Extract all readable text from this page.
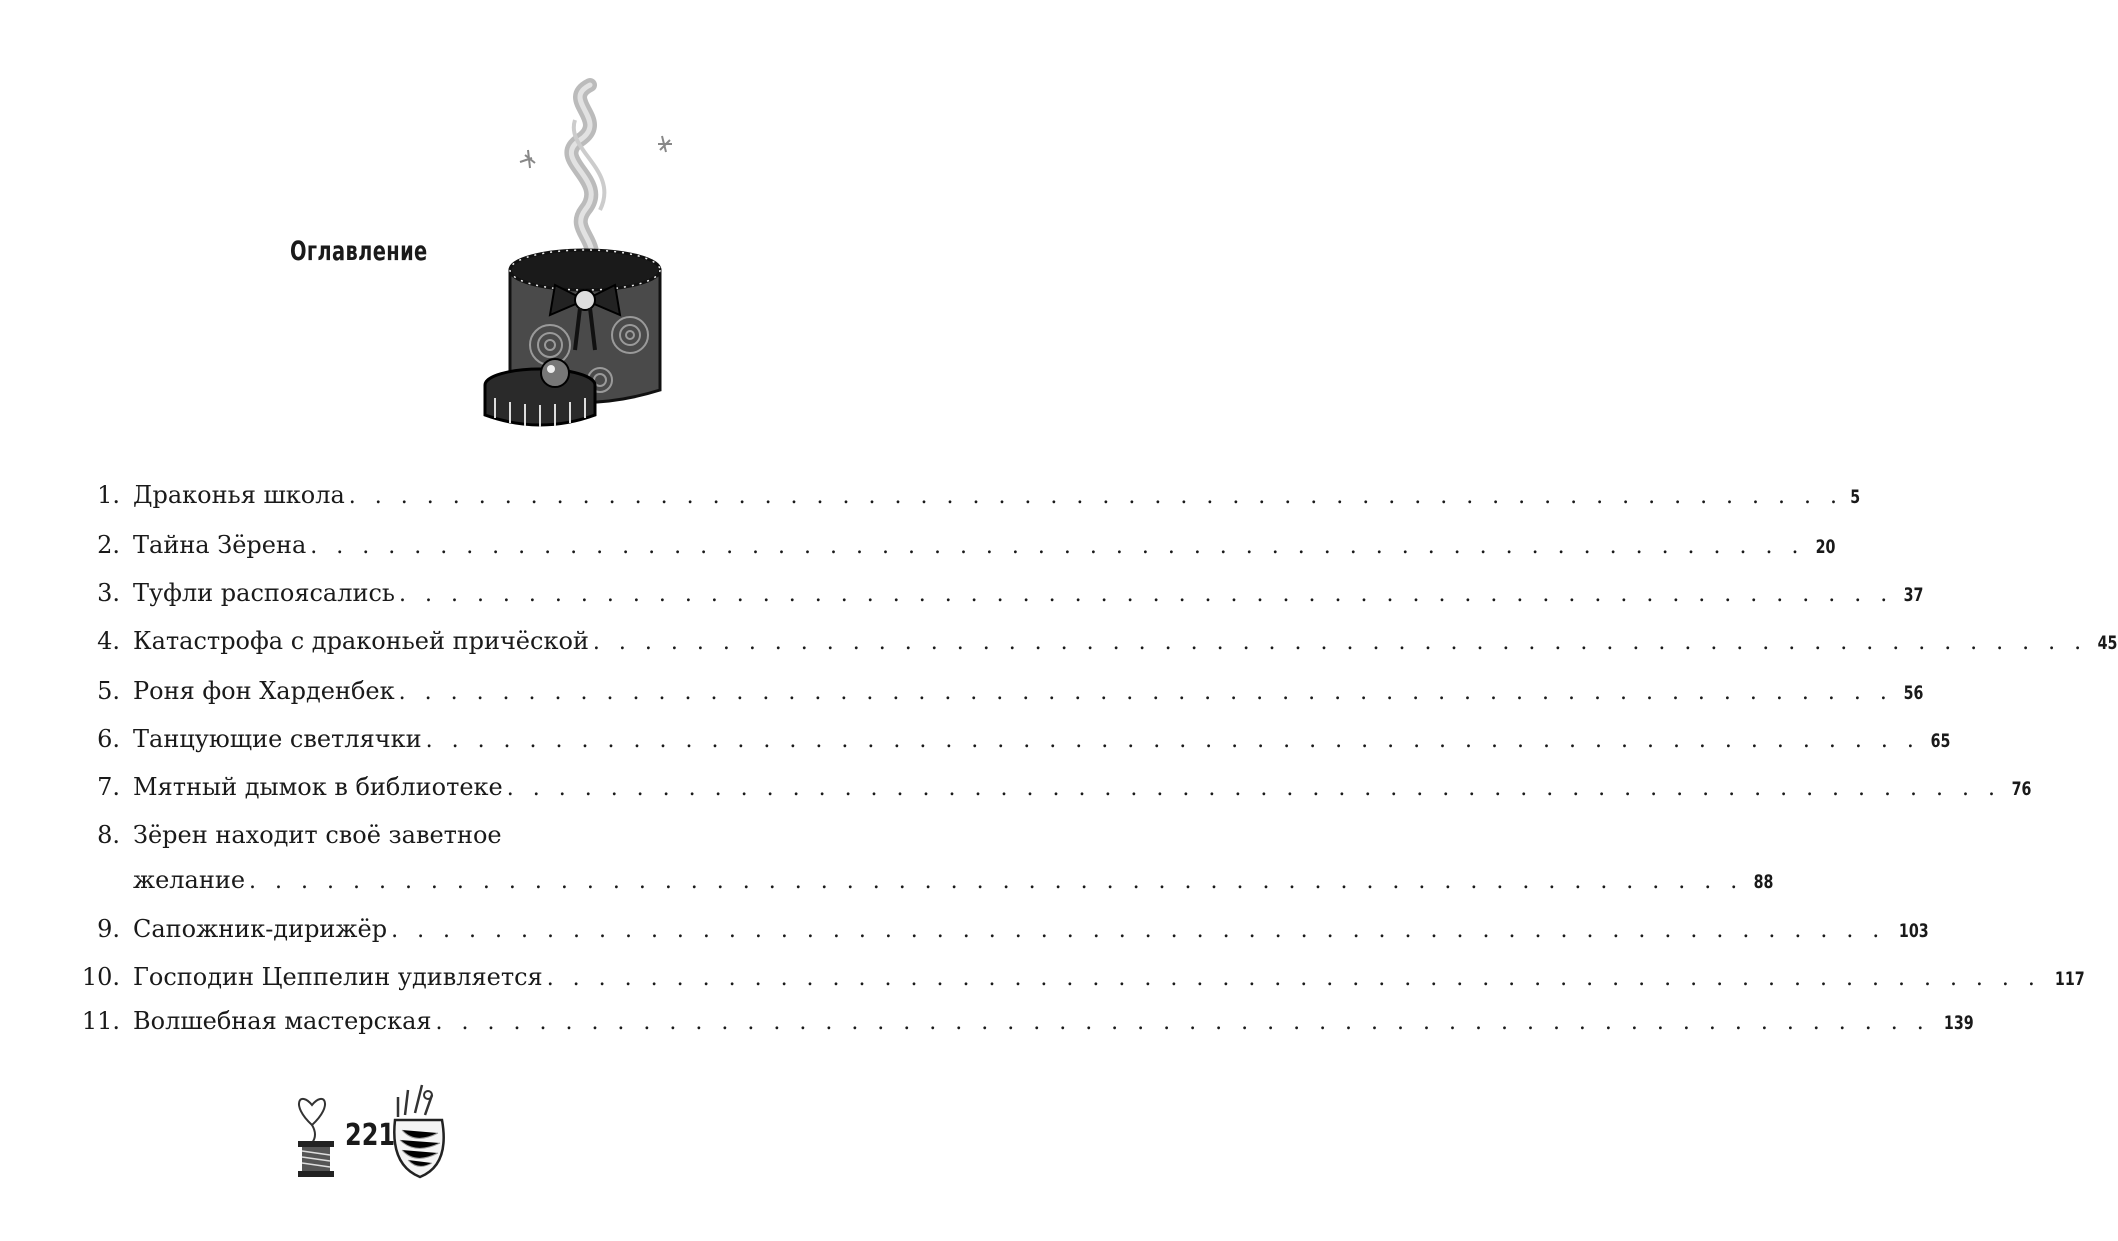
Оглавление
1. Драконья школа . . . . . . . . . . . . . . . . . . . . . . . . . . . . . . . . . . . . . . . . . . . . . . . . . . . . . . . . . . 5
2. Тайна Зёрена . . . . . . . . . . . . . . . . . . . . . . . . . . . . . . . . . . . . . . . . . . . . . . . . . . . . . . . . . . 20
3. Туфли распоясались . . . . . . . . . . . . . . . . . . . . . . . . . . . . . . . . . . . . . . . . . . . . . . . . . . . . . . . . . . 37
4. Катастрофа с драконьей причёской . . . . . . . . . . . . . . . . . . . . . . . . . . . . . . . . . . . . . . . . . . . . . . . . . . . . . . . . . . 45
5. Роня фон Харденбек . . . . . . . . . . . . . . . . . . . . . . . . . . . . . . . . . . . . . . . . . . . . . . . . . . . . . . . . . . 56
6. Танцующие светлячки . . . . . . . . . . . . . . . . . . . . . . . . . . . . . . . . . . . . . . . . . . . . . . . . . . . . . . . . . . 65
7. Мятный дымок в библиотеке . . . . . . . . . . . . . . . . . . . . . . . . . . . . . . . . . . . . . . . . . . . . . . . . . . . . . . . . . . 76
8. Зёрен находит своё заветное
желание . . . . . . . . . . . . . . . . . . . . . . . . . . . . . . . . . . . . . . . . . . . . . . . . . . . . . . . . . . 88
9. Сапожник-дирижёр . . . . . . . . . . . . . . . . . . . . . . . . . . . . . . . . . . . . . . . . . . . . . . . . . . . . . . . . . . 103
10. Господин Цеппелин удивляется . . . . . . . . . . . . . . . . . . . . . . . . . . . . . . . . . . . . . . . . . . . . . . . . . . . . . . . . . . 117
11. Волшебная мастерская . . . . . . . . . . . . . . . . . . . . . . . . . . . . . . . . . . . . . . . . . . . . . . . . . . . . . . . . . . 139
221
